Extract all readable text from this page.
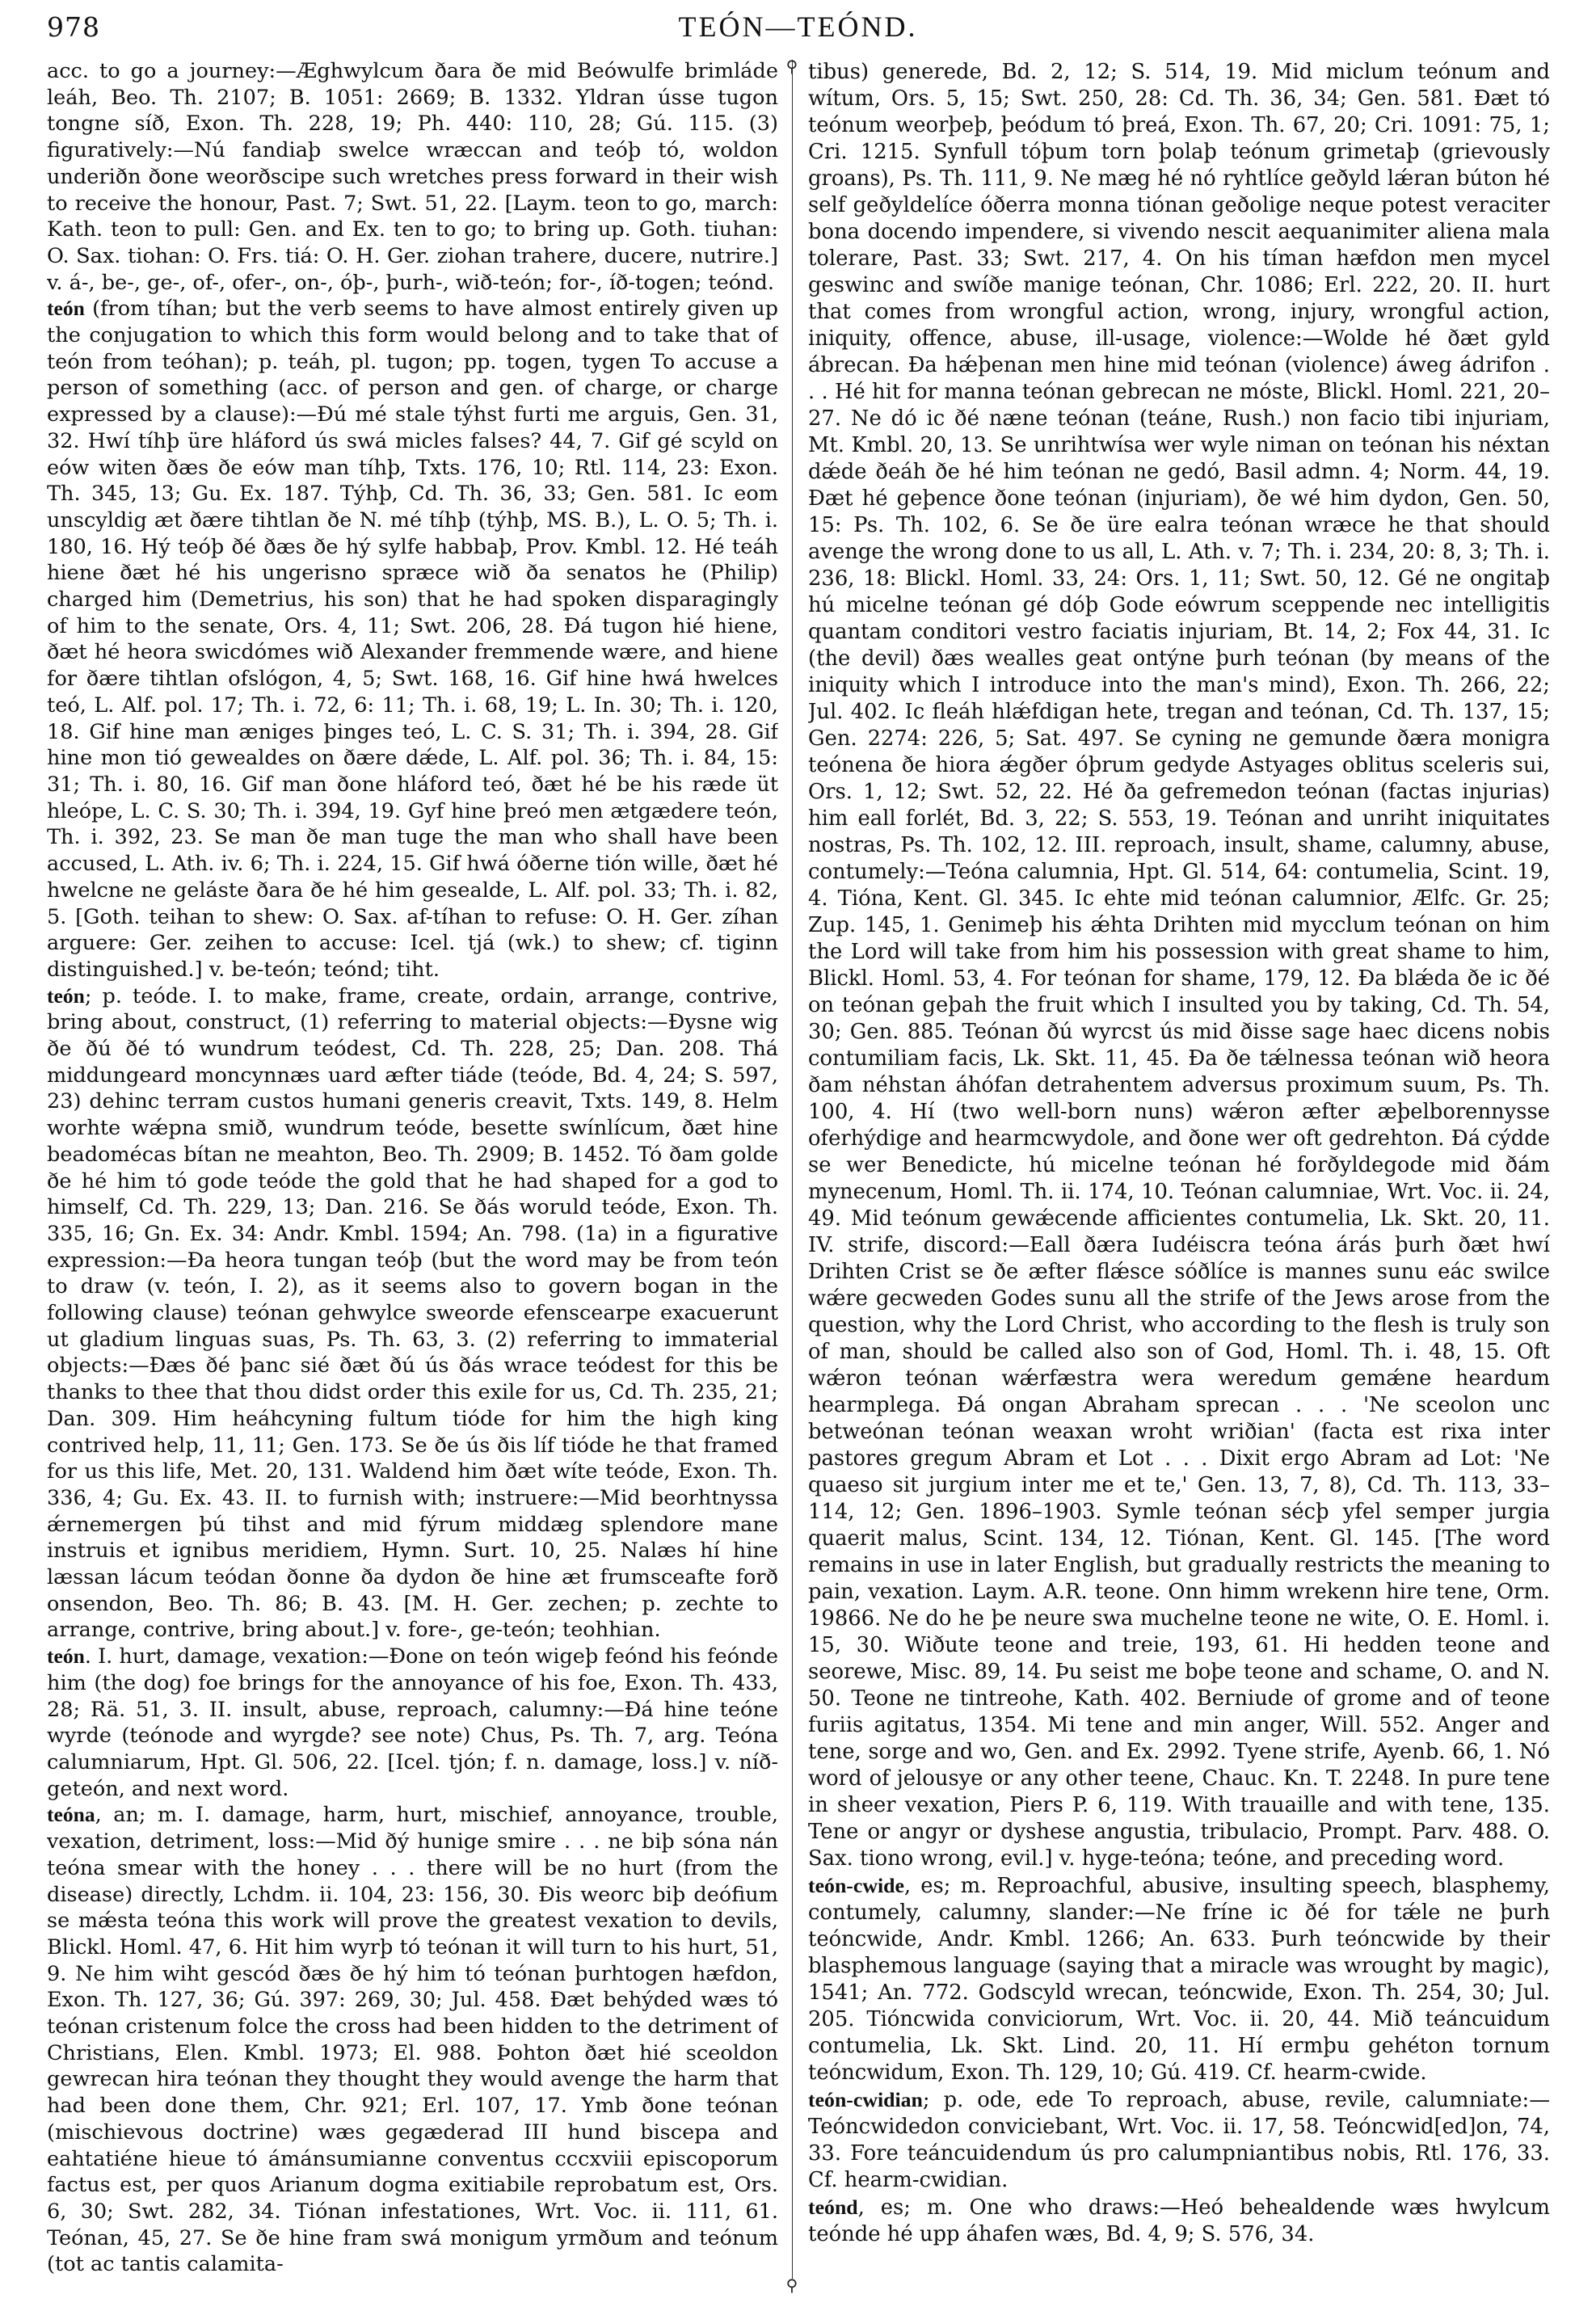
978	TEÓN—TEÓND.
⚲
⚲

acc. to go a journey:—Æghwylcum ðara ðe mid Beówulfe brimláde leáh, Beo. Th. 2107; B. 1051: 2669; B. 1332. Yldran ússe tugon tongne síð, Exon. Th. 228, 19; Ph. 440: 110, 28; Gú. 115. (3) figuratively:—Nú fandiaþ swelce wræccan and teóþ tó, woldon underiðn ðone weorðscipe such wretches press forward in their wish to receive the honour, Past. 7; Swt. 51, 22. [Laym. teon to go, march: Kath. teon to pull: Gen. and Ex. ten to go; to bring up. Goth. tiuhan: O. Sax. tiohan: O. Frs. tiá: O. H. Ger. ziohan trahere, ducere, nutrire.] v. á-, be-, ge-, of-, ofer-, on-, óþ-, þurh-, wið-teón; for-, íð-togen; teónd.

teón (from tíhan; but the verb seems to have almost entirely given up the conjugation to which this form would belong and to take that of teón from teóhan); p. teáh, pl. tugon; pp. togen, tygen To accuse a person of something (acc. of person and gen. of charge, or charge expressed by a clause):—Ðú mé stale týhst furti me arguis, Gen. 31, 32. Hwí tíhþ üre hláford ús swá micles falses? 44, 7. Gif gé scyld on eów witen ðæs ðe eów man tíhþ, Txts. 176, 10; Rtl. 114, 23: Exon. Th. 345, 13; Gu. Ex. 187. Týhþ, Cd. Th. 36, 33; Gen. 581. Ic eom unscyldig æt ðære tihtlan ðe N. mé tíhþ (týhþ, MS. B.), L. O. 5; Th. i. 180, 16. Hý teóþ ðé ðæs ðe hý sylfe habbaþ, Prov. Kmbl. 12. Hé teáh hiene ðæt hé his ungerisno spræce wið ða senatos he (Philip) charged him (Demetrius, his son) that he had spoken disparagingly of him to the senate, Ors. 4, 11; Swt. 206, 28. Ðá tugon hié hiene, ðæt hé heora swicdómes wið Alexander fremmende wære, and hiene for ðære tihtlan ofslógon, 4, 5; Swt. 168, 16. Gif hine hwá hwelces teó, L. Alf. pol. 17; Th. i. 72, 6: 11; Th. i. 68, 19; L. In. 30; Th. i. 120, 18. Gif hine man æniges þinges teó, L. C. S. 31; Th. i. 394, 28. Gif hine mon tió gewealdes on ðære dǽde, L. Alf. pol. 36; Th. i. 84, 15: 31; Th. i. 80, 16. Gif man ðone hláford teó, ðæt hé be his ræde üt hleópe, L. C. S. 30; Th. i. 394, 19. Gyf hine þreó men ætgædere teón, Th. i. 392, 23. Se man ðe man tuge the man who shall have been accused, L. Ath. iv. 6; Th. i. 224, 15. Gif hwá óðerne tión wille, ðæt hé hwelcne ne geláste ðara ðe hé him gesealde, L. Alf. pol. 33; Th. i. 82, 5. [Goth. teihan to shew: O. Sax. af-tíhan to refuse: O. H. Ger. zíhan arguere: Ger. zeihen to accuse: Icel. tjá (wk.) to shew; cf. tiginn distinguished.] v. be-teón; teónd; tiht.

teón; p. teóde. I. to make, frame, create, ordain, arrange, contrive, bring about, construct, (1) referring to material objects:—Ðysne wig ðe ðú ðé tó wundrum teódest, Cd. Th. 228, 25; Dan. 208. Thá middungeard moncynnæs uard æfter tiáde (teóde, Bd. 4, 24; S. 597, 23) dehinc terram custos humani generis creavit, Txts. 149, 8. Helm worhte wǽpna smið, wundrum teóde, besette swínlícum, ðæt hine beadomécas bítan ne meahton, Beo. Th. 2909; B. 1452. Tó ðam golde ðe hé him tó gode teóde the gold that he had shaped for a god to himself, Cd. Th. 229, 13; Dan. 216. Se ðás woruld teóde, Exon. Th. 335, 16; Gn. Ex. 34: Andr. Kmbl. 1594; An. 798. (1a) in a figurative expression:—Ða heora tungan teóþ (but the word may be from teón to draw (v. teón, I. 2), as it seems also to govern bogan in the following clause) teónan gehwylce sweorde efenscearpe exacuerunt ut gladium linguas suas, Ps. Th. 63, 3. (2) referring to immaterial objects:—Ðæs ðé þanc sié ðæt ðú ús ðás wrace teódest for this be thanks to thee that thou didst order this exile for us, Cd. Th. 235, 21; Dan. 309. Him heáhcyning fultum tióde for him the high king contrived help, 11, 11; Gen. 173. Se ðe ús ðis líf tióde he that framed for us this life, Met. 20, 131. Waldend him ðæt wíte teóde, Exon. Th. 336, 4; Gu. Ex. 43. II. to furnish with; instruere:—Mid beorhtnyssa ǽrnemergen þú tihst and mid fýrum middæg splendore mane instruis et ignibus meridiem, Hymn. Surt. 10, 25. Nalæs hí hine læssan lácum teódan ðonne ða dydon ðe hine æt frumsceafte forð onsendon, Beo. Th. 86; B. 43. [M. H. Ger. zechen; p. zechte to arrange, contrive, bring about.] v. fore-, ge-teón; teohhian.

teón. I. hurt, damage, vexation:—Ðone on teón wigeþ feónd his feónde him (the dog) foe brings for the annoyance of his foe, Exon. Th. 433, 28; Rä. 51, 3. II. insult, abuse, reproach, calumny:—Ðá hine teóne wyrde (teónode and wyrgde? see note) Chus, Ps. Th. 7, arg. Teóna calumniarum, Hpt. Gl. 506, 22. [Icel. tjón; f. n. damage, loss.] v. níð-geteón, and next word.

teóna, an; m. I. damage, harm, hurt, mischief, annoyance, trouble, vexation, detriment, loss:—Mid ðý hunige smire . . . ne biþ sóna nán teóna smear with the honey . . . there will be no hurt (from the disease) directly, Lchdm. ii. 104, 23: 156, 30. Ðis weorc biþ deófium se mǽsta teóna this work will prove the greatest vexation to devils, Blickl. Homl. 47, 6. Hit him wyrþ tó teónan it will turn to his hurt, 51, 9. Ne him wiht gescód ðæs ðe hý him tó teónan þurhtogen hæfdon, Exon. Th. 127, 36; Gú. 397: 269, 30; Jul. 458. Ðæt behýded wæs tó teónan cristenum folce the cross had been hidden to the detriment of Christians, Elen. Kmbl. 1973; El. 988. Þohton ðæt hié sceoldon gewrecan hira teónan they thought they would avenge the harm that had been done them, Chr. 921; Erl. 107, 17. Ymb ðone teónan (mischievous doctrine) wæs gegæderad III hund biscepa and eahtatiéne hieue tó ámánsumianne conventus cccxviii episcoporum factus est, per quos Arianum dogma exitiabile reprobatum est, Ors. 6, 30; Swt. 282, 34. Tiónan infestationes, Wrt. Voc. ii. 111, 61. Teónan, 45, 27. Se ðe hine fram swá monigum yrmðum and teónum (tot ac tantis calamita-

tibus) generede, Bd. 2, 12; S. 514, 19. Mid miclum teónum and wítum, Ors. 5, 15; Swt. 250, 28: Cd. Th. 36, 34; Gen. 581. Ðæt tó teónum weorþeþ, þeódum tó þreá, Exon. Th. 67, 20; Cri. 1091: 75, 1; Cri. 1215. Synfull tóþum torn þolaþ teónum grimetaþ (grievously groans), Ps. Th. 111, 9. Ne mæg hé nó ryhtlíce geðyld lǽran búton hé self geðyldelíce óðerra monna tiónan geðolige neque potest veraciter bona docendo impendere, si vivendo nescit aequanimiter aliena mala tolerare, Past. 33; Swt. 217, 4. On his tíman hæfdon men mycel geswinc and swíðe manige teónan, Chr. 1086; Erl. 222, 20. II. hurt that comes from wrongful action, wrong, injury, wrongful action, iniquity, offence, abuse, ill-usage, violence:—Wolde hé ðæt gyld ábrecan. Ða hǽþenan men hine mid teónan (violence) áweg ádrifon . . . Hé hit for manna teónan gebrecan ne móste, Blickl. Homl. 221, 20–27. Ne dó ic ðé næne teónan (teáne, Rush.) non facio tibi injuriam, Mt. Kmbl. 20, 13. Se unrihtwísa wer wyle niman on teónan his néxtan dǽde ðeáh ðe hé him teónan ne gedó, Basil admn. 4; Norm. 44, 19. Ðæt hé geþence ðone teónan (injuriam), ðe wé him dydon, Gen. 50, 15: Ps. Th. 102, 6. Se ðe üre ealra teónan wræce he that should avenge the wrong done to us all, L. Ath. v. 7; Th. i. 234, 20: 8, 3; Th. i. 236, 18: Blickl. Homl. 33, 24: Ors. 1, 11; Swt. 50, 12. Gé ne ongitaþ hú micelne teónan gé dóþ Gode eówrum sceppende nec intelligitis quantam conditori vestro faciatis injuriam, Bt. 14, 2; Fox 44, 31. Ic (the devil) ðæs wealles geat ontýne þurh teónan (by means of the iniquity which I introduce into the man's mind), Exon. Th. 266, 22; Jul. 402. Ic fleáh hlǽfdigan hete, tregan and teónan, Cd. Th. 137, 15; Gen. 2274: 226, 5; Sat. 497. Se cyning ne gemunde ðæra monigra teónena ðe hiora ǽgðer óþrum gedyde Astyages oblitus sceleris sui, Ors. 1, 12; Swt. 52, 22. Hé ða gefremedon teónan (factas injurias) him eall forlét, Bd. 3, 22; S. 553, 19. Teónan and unriht iniquitates nostras, Ps. Th. 102, 12. III. reproach, insult, shame, calumny, abuse, contumely:—Teóna calumnia, Hpt. Gl. 514, 64: contumelia, Scint. 19, 4. Tióna, Kent. Gl. 345. Ic ehte mid teónan calumnior, Ælfc. Gr. 25; Zup. 145, 1. Genimeþ his ǽhta Drihten mid mycclum teónan on him the Lord will take from him his possession with great shame to him, Blickl. Homl. 53, 4. For teónan for shame, 179, 12. Ða blǽda ðe ic ðé on teónan geþah the fruit which I insulted you by taking, Cd. Th. 54, 30; Gen. 885. Teónan ðú wyrcst ús mid ðisse sage haec dicens nobis contumiliam facis, Lk. Skt. 11, 45. Ða ðe tǽlnessa teónan wið heora ðam néhstan áhófan detrahentem adversus proximum suum, Ps. Th. 100, 4. Hí (two well-born nuns) wǽron æfter æþelborennysse oferhýdige and hearmcwydole, and ðone wer oft gedrehton. Ðá cýdde se wer Benedicte, hú micelne teónan hé forðyldegode mid ðám mynecenum, Homl. Th. ii. 174, 10. Teónan calumniae, Wrt. Voc. ii. 24, 49. Mid teónum gewǽcende afficientes contumelia, Lk. Skt. 20, 11. IV. strife, discord:—Eall ðæra Iudéiscra teóna árás þurh ðæt hwí Drihten Crist se ðe æfter flǽsce sóðlíce is mannes sunu eác swilce wǽre gecweden Godes sunu all the strife of the Jews arose from the question, why the Lord Christ, who according to the flesh is truly son of man, should be called also son of God, Homl. Th. i. 48, 15. Oft wǽron teónan wǽrfæstra wera weredum gemǽne heardum hearmplega. Ðá ongan Abraham sprecan . . . 'Ne sceolon unc betweónan teónan weaxan wroht wriðian' (facta est rixa inter pastores gregum Abram et Lot . . . Dixit ergo Abram ad Lot: 'Ne quaeso sit jurgium inter me et te,' Gen. 13, 7, 8), Cd. Th. 113, 33–114, 12; Gen. 1896–1903. Symle teónan sécþ yfel semper jurgia quaerit malus, Scint. 134, 12. Tiónan, Kent. Gl. 145. [The word remains in use in later English, but gradually restricts the meaning to pain, vexation. Laym. A.R. teone. Onn himm wrekenn hire tene, Orm. 19866. Ne do he þe neure swa muchelne teone ne wite, O. E. Homl. i. 15, 30. Wiðute teone and treie, 193, 61. Hi hedden teone and seorewe, Misc. 89, 14. Þu seist me boþe teone and schame, O. and N. 50. Teone ne tintreohe, Kath. 402. Berniude of grome and of teone furiis agitatus, 1354. Mi tene and min anger, Will. 552. Anger and tene, sorge and wo, Gen. and Ex. 2992. Tyene strife, Ayenb. 66, 1. Nó word of jelousye or any other teene, Chauc. Kn. T. 2248. In pure tene in sheer vexation, Piers P. 6, 119. With trauaille and with tene, 135. Tene or angyr or dyshese angustia, tribulacio, Prompt. Parv. 488. O. Sax. tiono wrong, evil.] v. hyge-teóna; teóne, and preceding word.

teón-cwide, es; m. Reproachful, abusive, insulting speech, blasphemy, contumely, calumny, slander:—Ne fríne ic ðé for tǽle ne þurh teóncwide, Andr. Kmbl. 1266; An. 633. Þurh teóncwide by their blasphemous language (saying that a miracle was wrought by magic), 1541; An. 772. Godscyld wrecan, teóncwide, Exon. Th. 254, 30; Jul. 205. Tióncwida conviciorum, Wrt. Voc. ii. 20, 44. Mið teáncuidum contumelia, Lk. Skt. Lind. 20, 11. Hí ermþu gehéton tornum teóncwidum, Exon. Th. 129, 10; Gú. 419. Cf. hearm-cwide.

teón-cwidian; p. ode, ede To reproach, abuse, revile, calumniate:—Teóncwidedon conviciebant, Wrt. Voc. ii. 17, 58. Teóncwid[ed]on, 74, 33. Fore teáncuidendum ús pro calumpniantibus nobis, Rtl. 176, 33. Cf. hearm-cwidian.

teónd, es; m. One who draws:—Heó behealdende wæs hwylcum teónde hé upp áhafen wæs, Bd. 4, 9; S. 576, 34.
